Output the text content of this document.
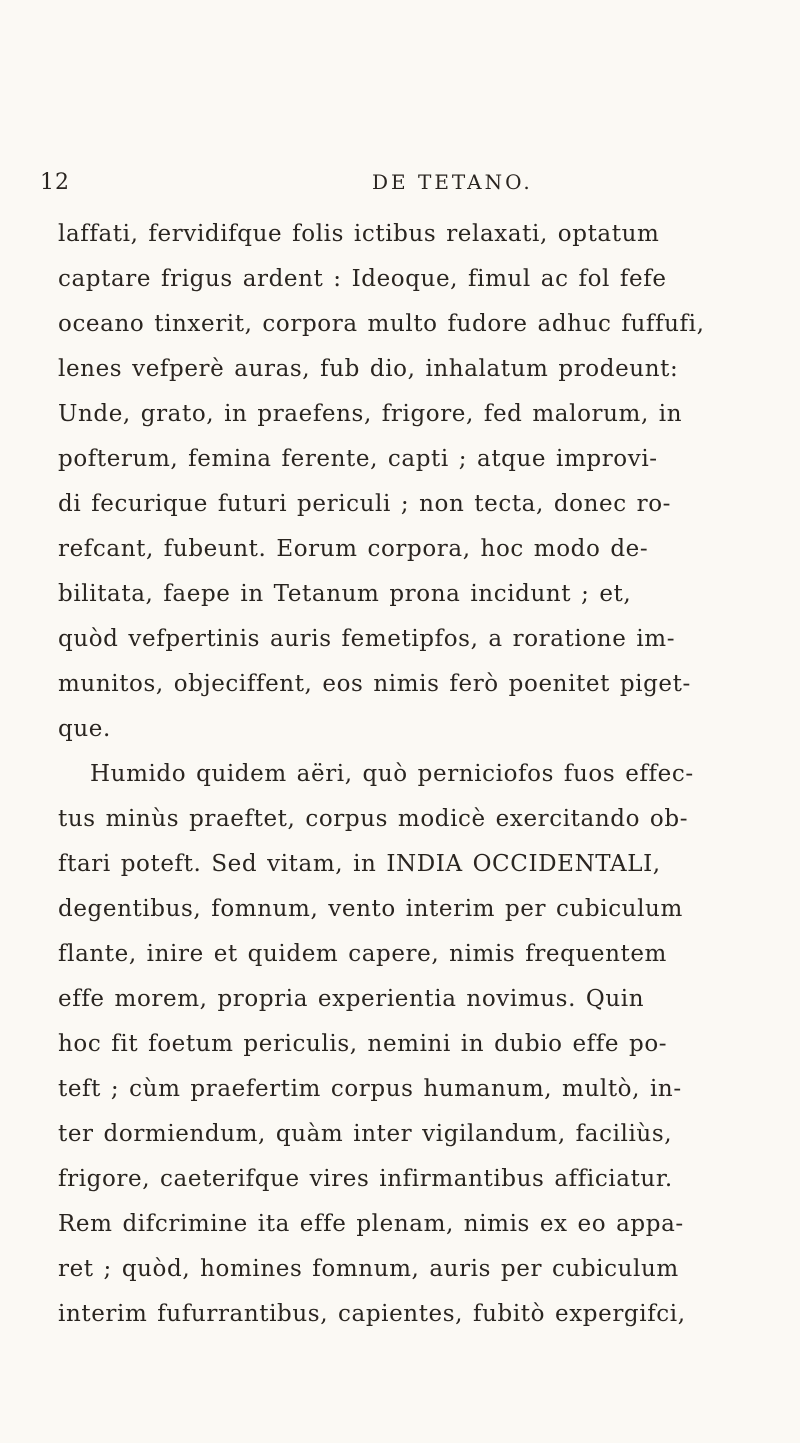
12	DE TETANO.
laffati, fervidifque folis ictibus relaxati, optatum
captare frigus ardent : Ideoque, fimul ac fol fefe
oceano tinxerit, corpora multo fudore adhuc fuffufi,
lenes vefperè auras, fub dio, inhalatum prodeunt:
Unde, grato, in praefens, frigore, fed malorum, in
pofterum, femina ferente, capti ; atque improvi-
di fecurique futuri periculi ; non tecta, donec ro-
refcant, fubeunt. Eorum corpora, hoc modo de-
bilitata, faepe in Tetanum prona incidunt ; et,
quòd vefpertinis auris femetipfos, a roratione im-
munitos, objeciffent, eos nimis ferò poenitet piget-
que.
Humido quidem aëri, quò perniciofos fuos effec-
tus minùs praeftet, corpus modicè exercitando ob-
ftari poteft. Sed vitam, in INDIA OCCIDENTALI,
degentibus, fomnum, vento interim per cubiculum
flante, inire et quidem capere, nimis frequentem
effe morem, propria experientia novimus. Quin
hoc fit foetum periculis, nemini in dubio effe po-
teft ; cùm praefertim corpus humanum, multò, in-
ter dormiendum, quàm inter vigilandum, faciliùs,
frigore, caeterifque vires infirmantibus afficiatur.
Rem difcrimine ita effe plenam, nimis ex eo appa-
ret ; quòd, homines fomnum, auris per cubiculum
interim fufurrantibus, capientes, fubitò expergifci,
